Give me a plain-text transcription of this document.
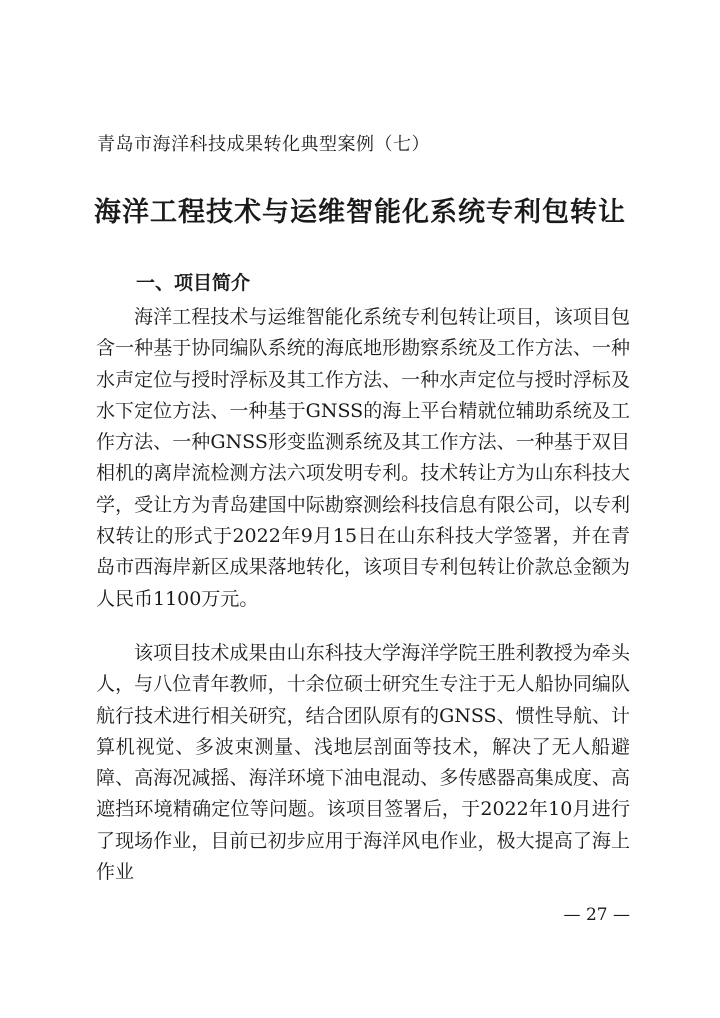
青岛市海洋科技成果转化典型案例（七）
海洋工程技术与运维智能化系统专利包转让
一、项目简介

海洋工程技术与运维智能化系统专利包转让项目，该项目包含一种基于协同编队系统的海底地形勘察系统及工作方法、一种水声定位与授时浮标及其工作方法、一种水声定位与授时浮标及水下定位方法、一种基于GNSS的海上平台精就位辅助系统及工作方法、一种GNSS形变监测系统及其工作方法、一种基于双目相机的离岸流检测方法六项发明专利。技术转让方为山东科技大学，受让方为青岛建国中际勘察测绘科技信息有限公司，以专利权转让的形式于2022年9月15日在山东科技大学签署，并在青岛市西海岸新区成果落地转化，该项目专利包转让价款总金额为人民币1100万元。

该项目技术成果由山东科技大学海洋学院王胜利教授为牵头人，与八位青年教师，十余位硕士研究生专注于无人船协同编队航行技术进行相关研究，结合团队原有的GNSS、惯性导航、计算机视觉、多波束测量、浅地层剖面等技术，解决了无人船避障、高海况减摇、海洋环境下油电混动、多传感器高集成度、高遮挡环境精确定位等问题。该项目签署后，于2022年10月进行了现场作业，目前已初步应用于海洋风电作业，极大提高了海上作业

— 27 —
